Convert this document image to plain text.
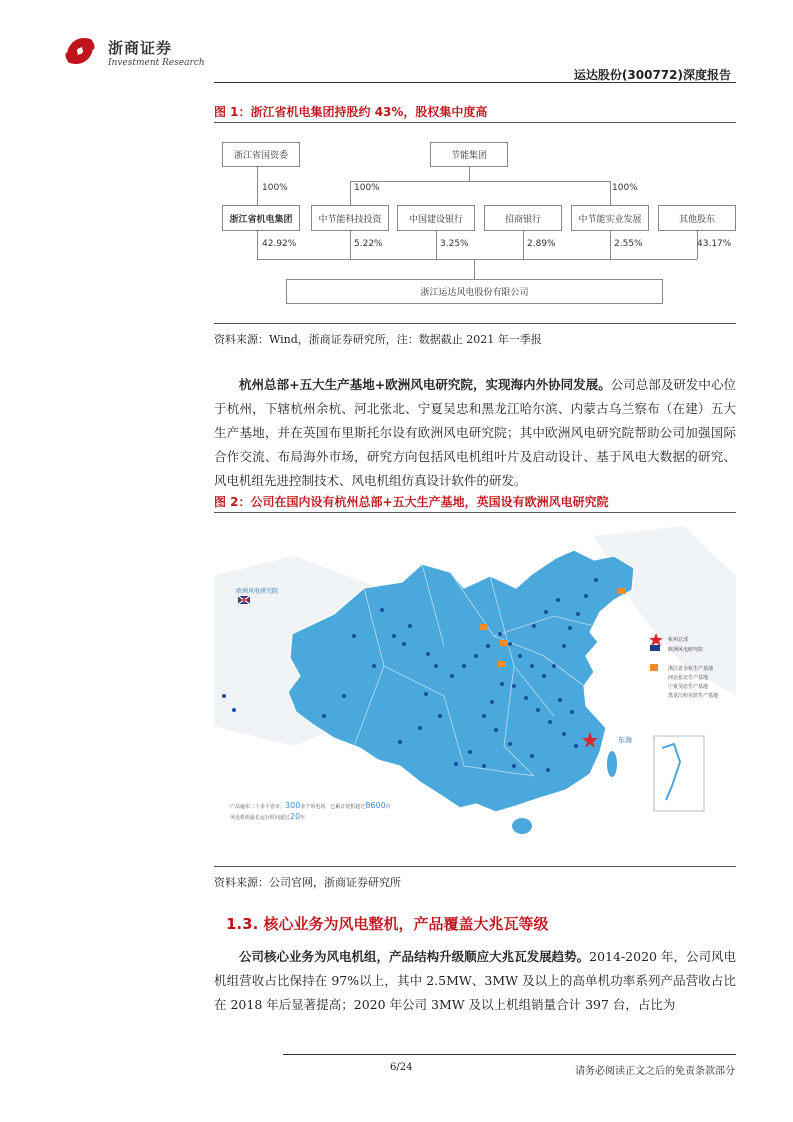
浙商证券
Investment Research
运达股份(300772)深度报告
图 1：浙江省机电集团持股约 43%，股权集中度高
浙江省国资委	节能集团
100%	100%	100%
浙江省机电集团	中节能科技投资	中国建设银行	招商银行	中节能实业发展	其他股东
42.92%	5.22%	3.25%	2.89%	2.55%	43.17%
浙江运达风电股份有限公司
资料来源：Wind，浙商证券研究所，注：数据截止 2021 年一季报
杭州总部+五大生产基地+欧洲风电研究院，实现海内外协同发展。公司总部及研发中心位于杭州，下辖杭州余杭、河北张北、宁夏吴忠和黑龙江哈尔滨、内蒙古乌兰察布（在建）五大生产基地，并在英国布里斯托尔设有欧洲风电研究院；其中欧洲风电研究院帮助公司加强国际合作交流、布局海外市场，研究方向包括风电机组叶片及启动设计、基于风电大数据的研究、风电机组先进控制技术、风电机组仿真设计软件的研发。
图 2：公司在国内设有杭州总部+五大生产基地，英国设有欧洲风电研究院
欧洲风电研究院
黄海
东海
杭州总部
欧洲风电研究院
浙江省余杭生产基地
河北张北生产基地
宁夏吴忠生产基地
黑龙江哈尔滨生产基地
产品遍布二十多个省市，300多个风电场，已累计装机超过8600台
风电机组最长运行时间超过20年
资料来源：公司官网，浙商证券研究所
1.3. 核心业务为风电整机，产品覆盖大兆瓦等级
公司核心业务为风电机组，产品结构升级顺应大兆瓦发展趋势。2014-2020 年，公司风电机组营收占比保持在 97%以上，其中 2.5MW、3MW 及以上的高单机功率系列产品营收占比在 2018 年后显著提高；2020 年公司 3MW 及以上机组销量合计 397 台，占比为
6/24	请务必阅读正文之后的免责条款部分
